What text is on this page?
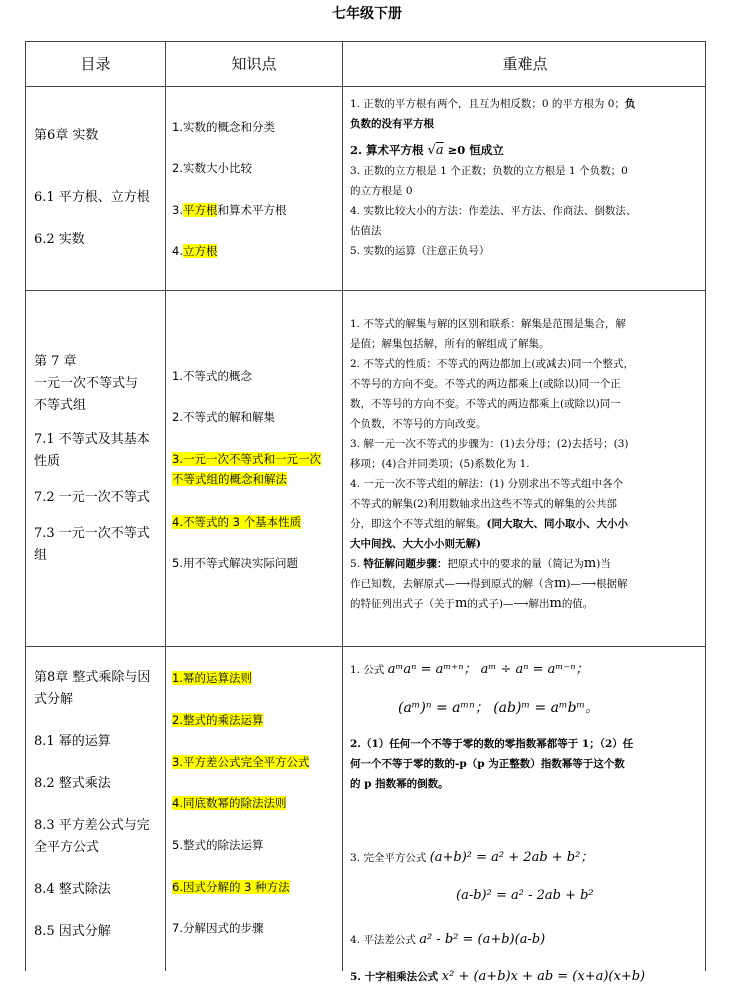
七年级下册
目录	知识点	重难点
第6章 实数
6.1 平方根、立方根
6.2 实数
1.实数的概念和分类
2.实数大小比较
3.平方根和算术平方根
4.立方根
1. 正数的平方根有两个，且互为相反数；0 的平方根为 0；负
负数的没有平方根
2. 算术平方根 √a ≥0 恒成立
3. 正数的立方根是 1 个正数；负数的立方根是 1 个负数；0
的立方根是 0
4. 实数比较大小的方法：作差法、平方法、作商法、倒数法、
估值法
5. 实数的运算（注意正负号）
第 7 章
一元一次不等式与
不等式组
7.1 不等式及其基本
性质
7.2 一元一次不等式
7.3 一元一次不等式
组
1.不等式的概念
2.不等式的解和解集
3.一元一次不等式和一元一次
不等式组的概念和解法
4.不等式的 3 个基本性质
5.用不等式解决实际问题
1. 不等式的解集与解的区别和联系：解集是范围是集合，解
是值；解集包括解，所有的解组成了解集。
2. 不等式的性质：不等式的两边都加上(或减去)同一个整式，
不等号的方向不变。不等式的两边都乘上(或除以)同一个正
数，不等号的方向不变。不等式的两边都乘上(或除以)同一
个负数，不等号的方向改变。
3. 解一元一次不等式的步骤为：(1)去分母；(2)去括号；(3)
移项；(4)合并同类项；(5)系数化为 1.
4. 一元一次不等式组的解法：(1) 分别求出不等式组中各个
不等式的解集(2)利用数轴求出这些不等式的解集的公共部
分，即这个不等式组的解集。(同大取大、同小取小、大小小
大中间找、大大小小则无解)
5. 特征解问题步骤：把原式中的要求的量（简记为m)当
作已知数，去解原式—⟶得到原式的解（含m)—⟶根据解
的特征列出式子（关于m的式子)—⟶解出m的值。
第8章 整式乘除与因
式分解
8.1 幂的运算
8.2 整式乘法
8.3 平方差公式与完
全平方公式
8.4 整式除法
8.5 因式分解
1.幂的运算法则
2.整式的乘法运算
3.平方差公式完全平方公式
4.同底数幂的除法法则
5.整式的除法运算
6.因式分解的 3 种方法
7.分解因式的步骤
1. 公式 aᵐaⁿ = aᵐ⁺ⁿ； aᵐ ÷ aⁿ = aᵐ⁻ⁿ；
(aᵐ)ⁿ = aᵐⁿ； (ab)ᵐ = aᵐbᵐ。
2.（1）任何一个不等于零的数的零指数幂都等于 1；（2）任
何一个不等于零的数的-p（p 为正整数）指数幂等于这个数
的 p 指数幂的倒数。
3. 完全平方公式 (a+b)² = a² + 2ab + b²；
(a-b)² = a² - 2ab + b²
4. 平法差公式 a² - b² = (a+b)(a-b)
5. 十字相乘法公式 x² + (a+b)x + ab = (x+a)(x+b)
